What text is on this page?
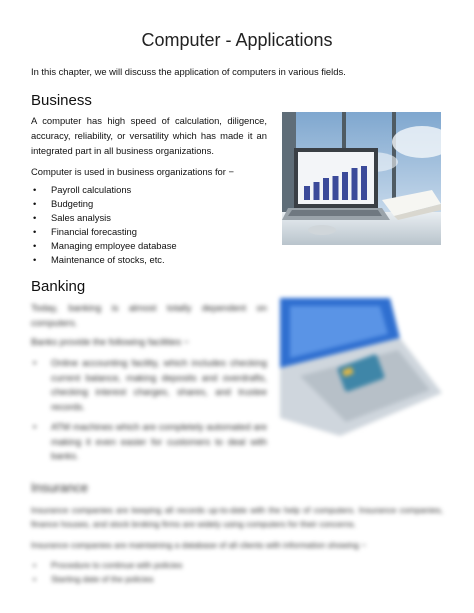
Computer - Applications
In this chapter, we will discuss the application of computers in various fields.
Business
A computer has high speed of calculation, diligence, accuracy, reliability, or versatility which has made it an integrated part in all business organizations.
Computer is used in business organizations for −
• Payroll calculations
• Budgeting
• Sales analysis
• Financial forecasting
• Managing employee database
• Maintenance of stocks, etc.
Banking
Today, banking is almost totally dependent on computers.
Banks provide the following facilities −
• Online accounting facility, which includes checking current balance, making deposits and overdrafts, checking interest charges, shares, and trustee records.
• ATM machines which are completely automated are making it even easier for customers to deal with banks.
Insurance
Insurance companies are keeping all records up-to-date with the help of computers. Insurance companies, finance houses, and stock broking firms are widely using computers for their concerns.
Insurance companies are maintaining a database of all clients with information showing −
• Procedure to continue with policies
• Starting date of the policies
